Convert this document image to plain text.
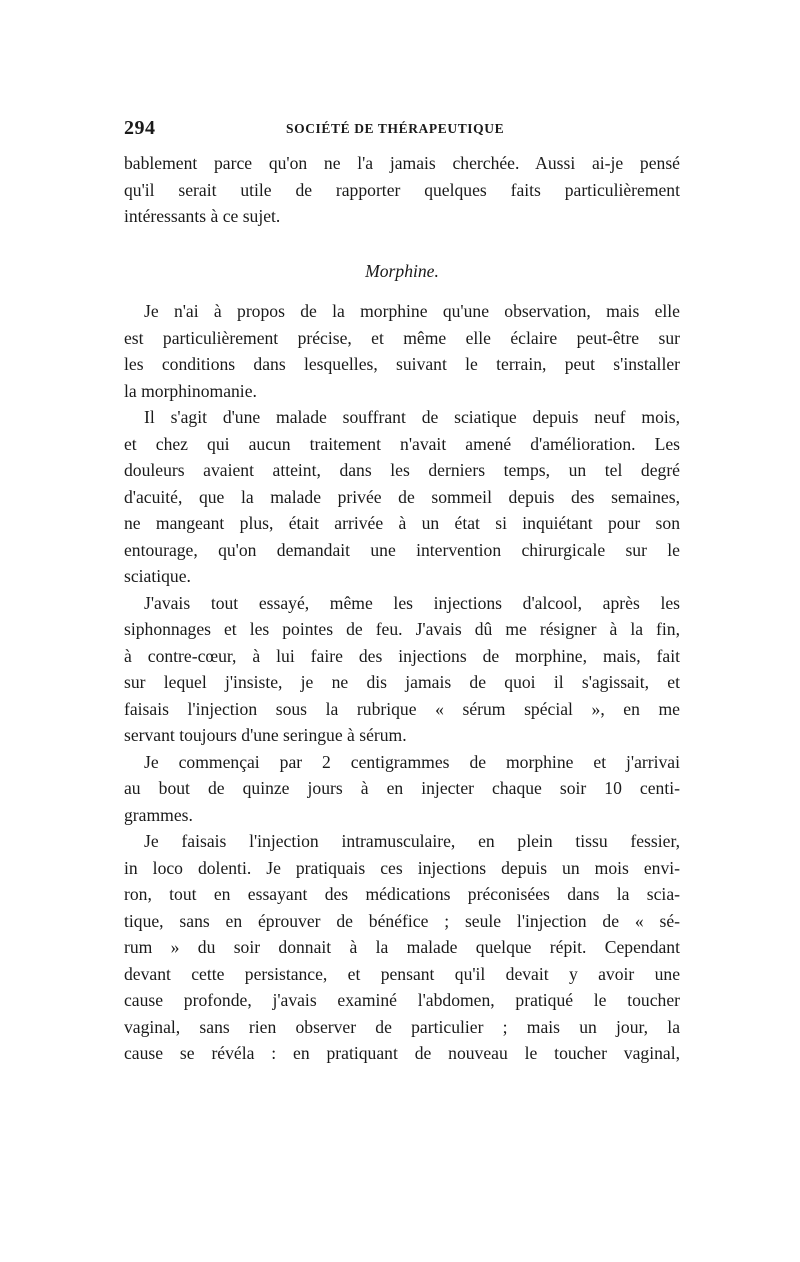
294	SOCIÉTÉ DE THÉRAPEUTIQUE
bablement parce qu'on ne l'a jamais cherchée. Aussi ai-je pensé
qu'il serait utile de rapporter quelques faits particulièrement
intéressants à ce sujet.
Morphine.
Je n'ai à propos de la morphine qu'une observation, mais elle
est particulièrement précise, et même elle éclaire peut-être sur
les conditions dans lesquelles, suivant le terrain, peut s'installer
la morphinomanie.
Il s'agit d'une malade souffrant de sciatique depuis neuf mois,
et chez qui aucun traitement n'avait amené d'amélioration. Les
douleurs avaient atteint, dans les derniers temps, un tel degré
d'acuité, que la malade privée de sommeil depuis des semaines,
ne mangeant plus, était arrivée à un état si inquiétant pour son
entourage, qu'on demandait une intervention chirurgicale sur le
sciatique.
J'avais tout essayé, même les injections d'alcool, après les
siphonnages et les pointes de feu. J'avais dû me résigner à la fin,
à contre-cœur, à lui faire des injections de morphine, mais, fait
sur lequel j'insiste, je ne dis jamais de quoi il s'agissait, et
faisais l'injection sous la rubrique « sérum spécial », en me
servant toujours d'une seringue à sérum.
Je commençai par 2 centigrammes de morphine et j'arrivai
au bout de quinze jours à en injecter chaque soir 10 centi-
grammes.
Je faisais l'injection intramusculaire, en plein tissu fessier,
in loco dolenti. Je pratiquais ces injections depuis un mois envi-
ron, tout en essayant des médications préconisées dans la scia-
tique, sans en éprouver de bénéfice ; seule l'injection de « sé-
rum » du soir donnait à la malade quelque répit. Cependant
devant cette persistance, et pensant qu'il devait y avoir une
cause profonde, j'avais examiné l'abdomen, pratiqué le toucher
vaginal, sans rien observer de particulier ; mais un jour, la
cause se révéla : en pratiquant de nouveau le toucher vaginal,
